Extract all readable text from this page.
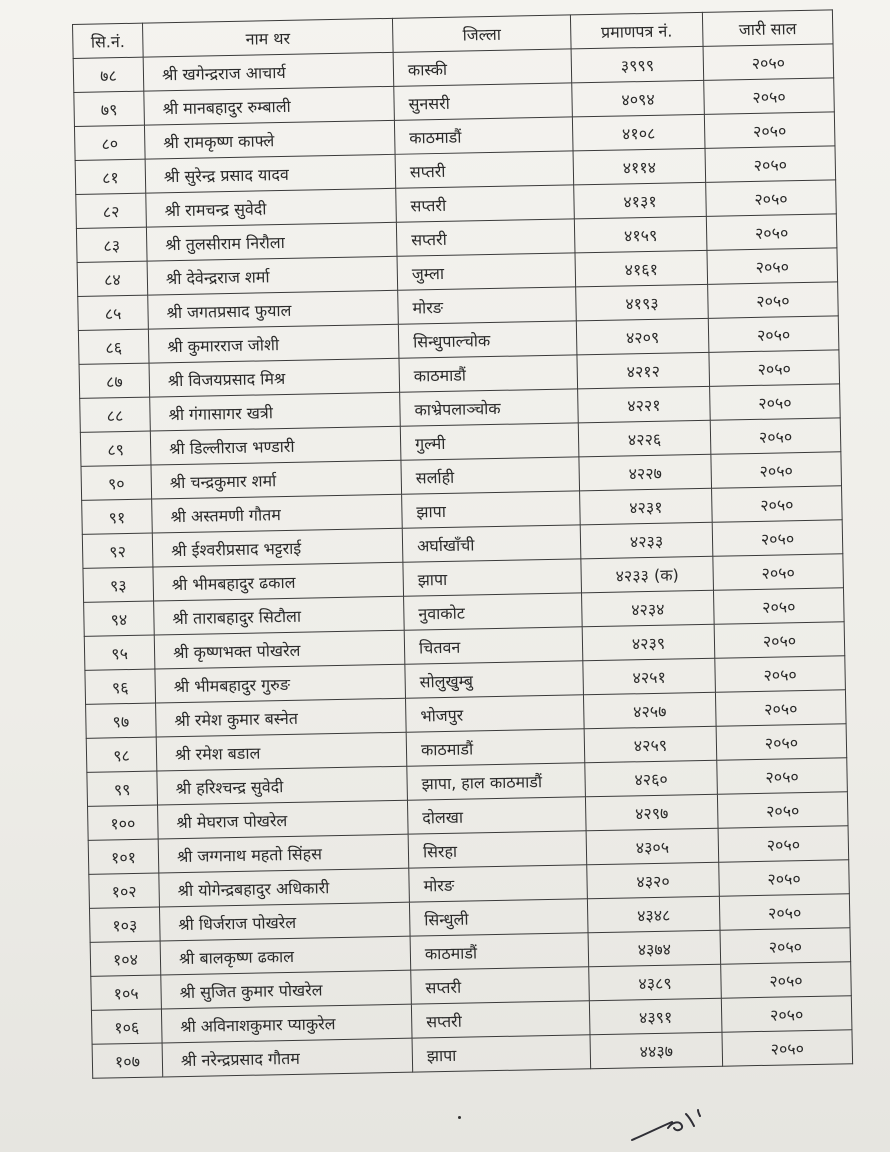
सि.नं.	नाम थर	जिल्ला	प्रमाणपत्र नं.	जारी साल
७८	श्री खगेन्द्रराज आचार्य	कास्की	३९९९	२०५०
७९	श्री मानबहादुर रुम्बाली	सुनसरी	४०९४	२०५०
८०	श्री रामकृष्ण काफ्ले	काठमाडौं	४१०८	२०५०
८१	श्री सुरेन्द्र प्रसाद यादव	सप्तरी	४११४	२०५०
८२	श्री रामचन्द्र सुवेदी	सप्तरी	४१३१	२०५०
८३	श्री तुलसीराम निरौला	सप्तरी	४१५९	२०५०
८४	श्री देवेन्द्रराज शर्मा	जुम्ला	४१६१	२०५०
८५	श्री जगतप्रसाद फुयाल	मोरङ	४१९३	२०५०
८६	श्री कुमारराज जोशी	सिन्धुपाल्चोक	४२०९	२०५०
८७	श्री विजयप्रसाद मिश्र	काठमाडौं	४२१२	२०५०
८८	श्री गंगासागर खत्री	काभ्रेपलाञ्चोक	४२२१	२०५०
८९	श्री डिल्लीराज भण्डारी	गुल्मी	४२२६	२०५०
९०	श्री चन्द्रकुमार शर्मा	सर्लाही	४२२७	२०५०
९१	श्री अस्तमणी गौतम	झापा	४२३१	२०५०
९२	श्री ईश्वरीप्रसाद भट्टराई	अर्घाखाँची	४२३३	२०५०
९३	श्री भीमबहादुर ढकाल	झापा	४२३३ (क)	२०५०
९४	श्री ताराबहादुर सिटौला	नुवाकोट	४२३४	२०५०
९५	श्री कृष्णभक्त पोखरेल	चितवन	४२३९	२०५०
९६	श्री भीमबहादुर गुरुङ	सोलुखुम्बु	४२५१	२०५०
९७	श्री रमेश कुमार बस्नेत	भोजपुर	४२५७	२०५०
९८	श्री रमेश बडाल	काठमाडौं	४२५९	२०५०
९९	श्री हरिश्चन्द्र सुवेदी	झापा, हाल काठमाडौं	४२६०	२०५०
१००	श्री मेघराज पोखरेल	दोलखा	४२९७	२०५०
१०१	श्री जग्गनाथ महतो सिंहस	सिरहा	४३०५	२०५०
१०२	श्री योगेन्द्रबहादुर अधिकारी	मोरङ	४३२०	२०५०
१०३	श्री धिर्जराज पोखरेल	सिन्धुली	४३४८	२०५०
१०४	श्री बालकृष्ण ढकाल	काठमाडौं	४३७४	२०५०
१०५	श्री सुजित कुमार पोखरेल	सप्तरी	४३८९	२०५०
१०६	श्री अविनाशकुमार प्याकुरेल	सप्तरी	४३९१	२०५०
१०७	श्री नरेन्द्रप्रसाद गौतम	झापा	४४३७	२०५०
